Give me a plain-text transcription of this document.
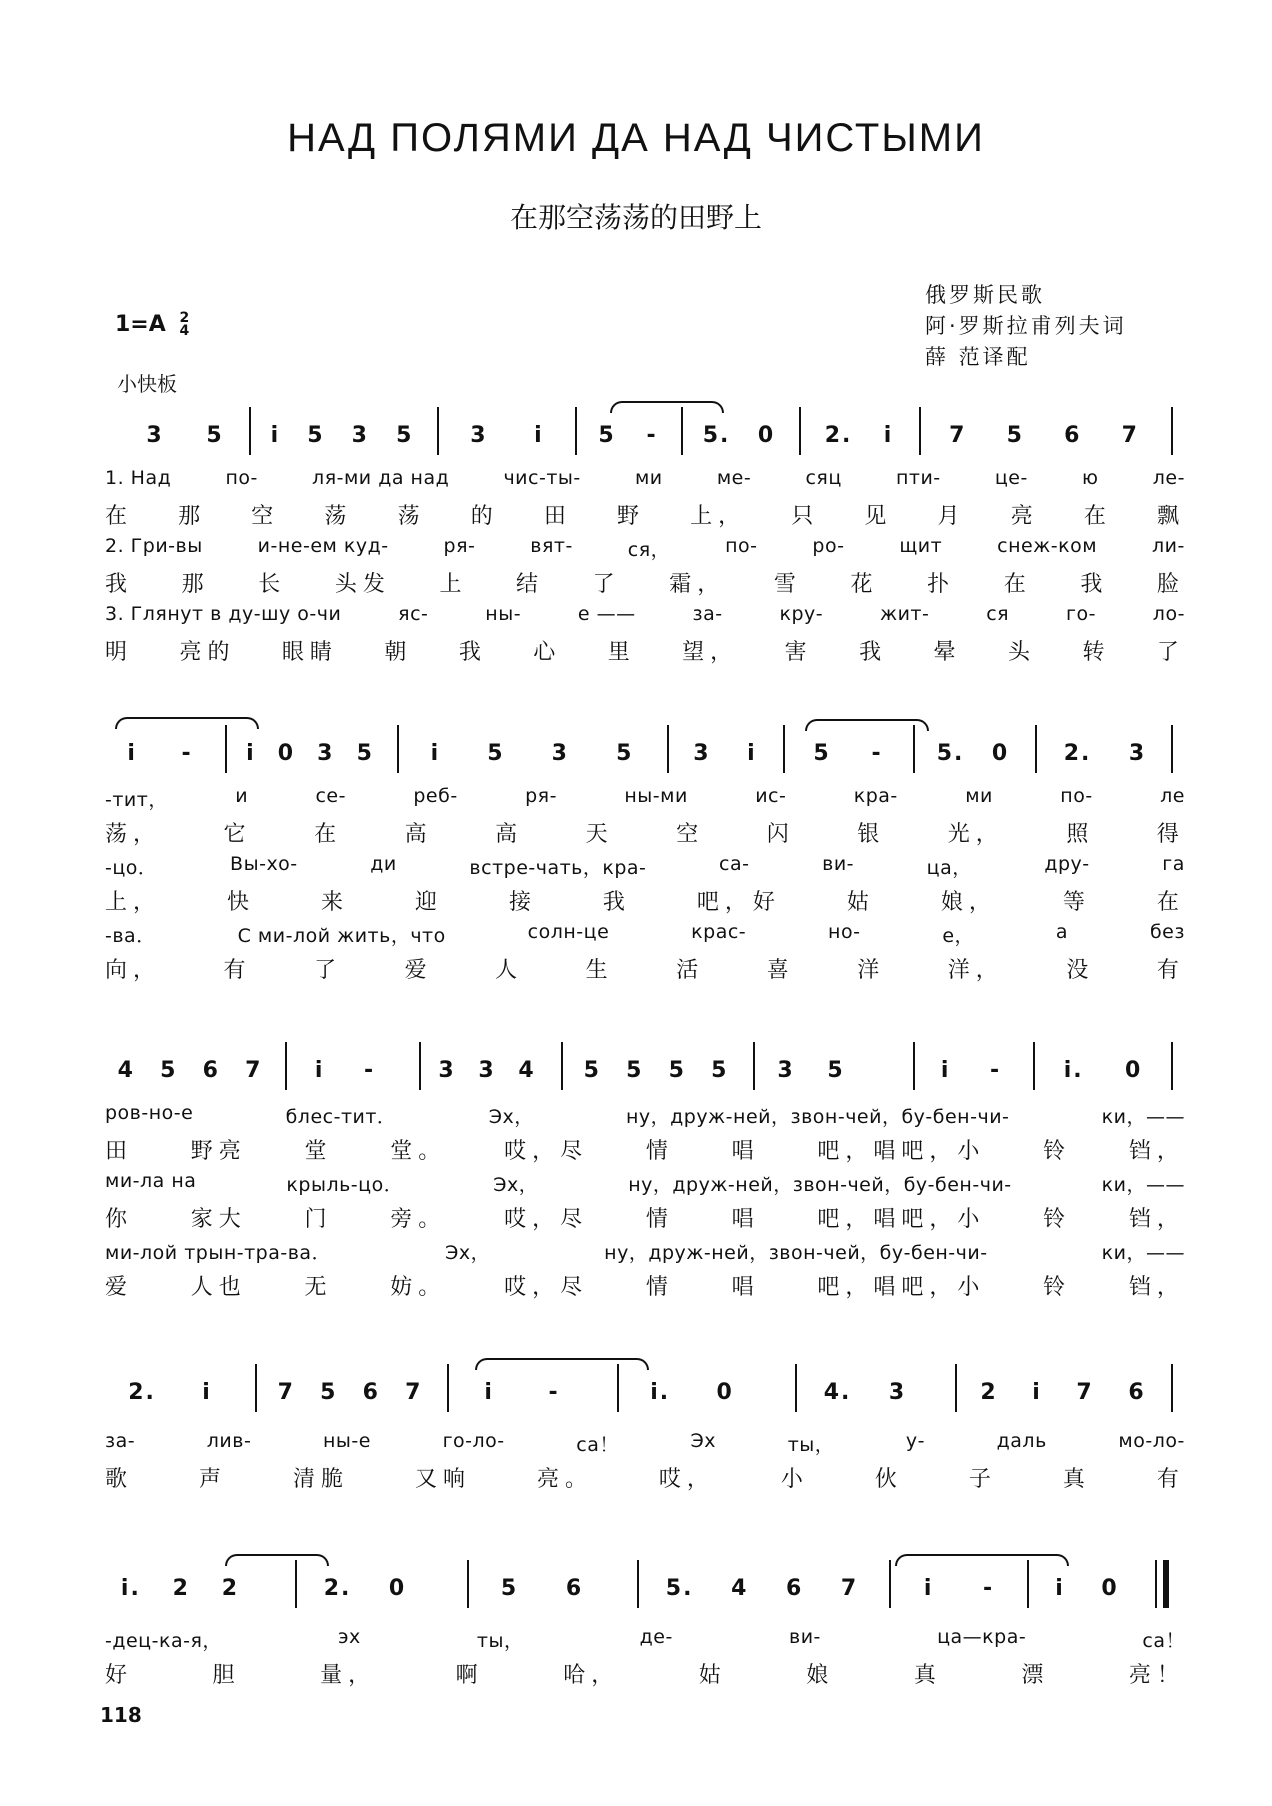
НАД ПОЛЯМИ ДА НАД ЧИСТЫМИ
在那空荡荡的田野上
俄罗斯民歌
阿·罗斯拉甫列夫词
薛 范译配
1=A 2
4
小快板
3 5 i 5 3 5	3 i 5 - 5. 0 2. i	7 5 6 7
1. Над	по-	ля-ми да над	чис-ты-	ми	ме-	сяц	пти-	це-	ю	ле-
在 那 空 荡 荡 的 田 野 上， 只 见 月 亮 在 飘
2. Гри-вы	и-не-ем куд-	ря-	вят-	ся，	по-	ро-	щит	снеж-ком	ли-
我 那 长 头发 上 结 了 霜， 雪 花 扑 在 我 脸
3. Глянут в ду-шу о-чи	яс-	ны-	е ——	за-	кру-	жит-	ся	го-	ло-
明 亮的 眼睛 朝 我 心 里 望， 害 我 晕 头 转 了
i - i 0 3 5	i 5 3 5	3 i	5 - 5. 0 2. 3
-тит，	и	се-	реб-	ря-	ны-ми	ис-	кра-	ми	по-	ле
荡，	它	在	高	高	天	空	闪	银	光，	照	得
-цо．	Вы-хо-	ди	встре-чать，кра-	са-	ви-	ца，	дру-	га
上，	快	来	迎	接	我	吧，好	姑	娘，	等	在
-ва．	С ми-лой жить，что	солн-це	крас-	но-	е，	а	без
向，	有	了	爱	人	生	活	喜	洋	洋，	没	有
4 5 6 7 i -	3 3 4 5 5 5 5 3 5	i -	i. 0
ров-но-е	блес-тит．	Эх，	ну，друж-ней，звон-чей，бу-бен-чи-	ки，——
田	野亮	堂	堂。	哎，尽	情	唱	吧，唱吧，小	铃	铛，
ми-ла на	крыль-цо．	Эх，	ну，друж-ней，звон-чей，бу-бен-чи-	ки，——
你	家大	门	旁。	哎，尽	情	唱	吧，唱吧，小	铃	铛，
ми-лой трын-тра-ва．	Эх，	ну，друж-ней，звон-чей，бу-бен-чи-	ки，——
爱	人也	无	妨。	哎，尽	情	唱	吧，唱吧，小	铃	铛，
2. i	7 5 6 7	i -	i. 0	4. 3	2 i 7 6
за-	лив-	ны-е	го-ло-	са！	Эх	ты，	у-	даль	мо-ло-
歌	声	清脆	又响	亮。	哎，	小	伙	子	真	有
i. 2 2	2. 0	5 6	5. 4 6 7	i -	i 0
-дец-ка-я，	эх	ты，	де-	ви-	ца—кра-	са！
好	胆	量，	啊	哈，	姑	娘	真	漂	亮！
118
